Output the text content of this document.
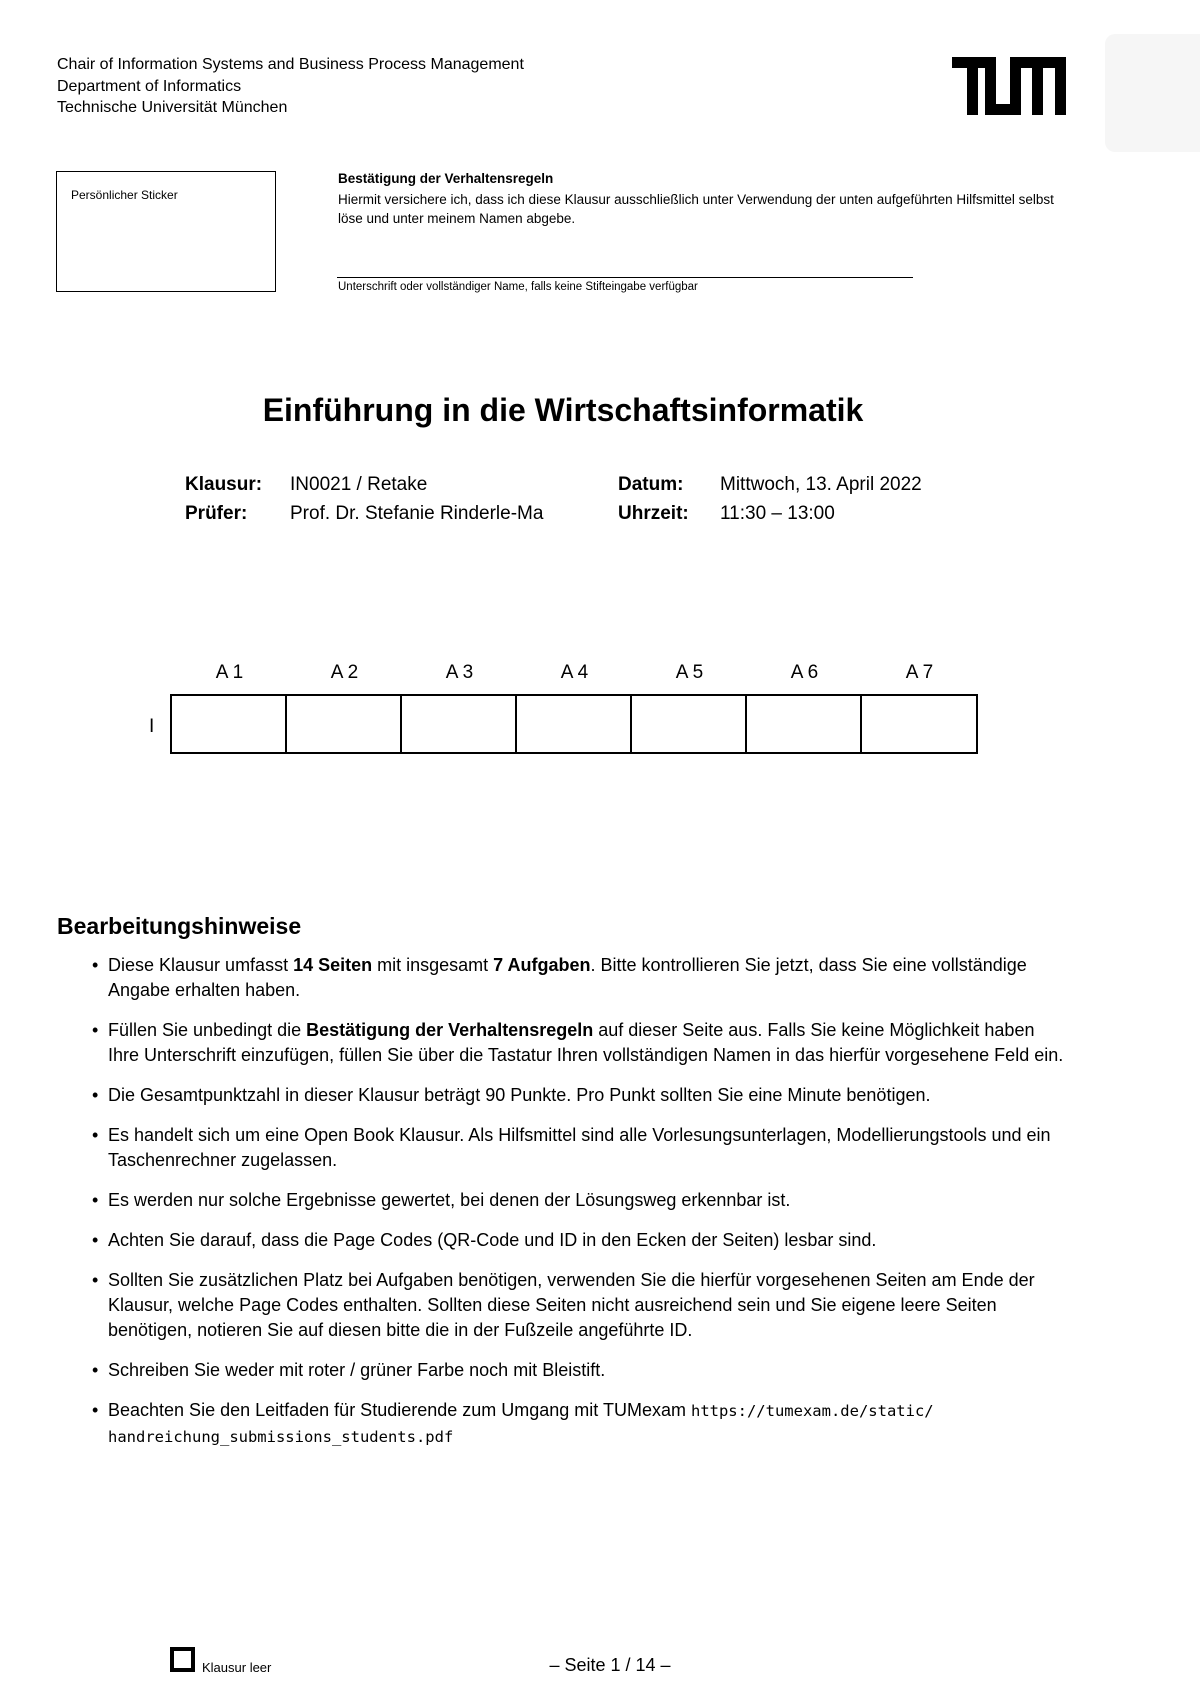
Chair of Information Systems and Business Process Management
Department of Informatics
Technische Universität München
Persönlicher Sticker
Bestätigung der Verhaltensregeln
Hiermit versichere ich, dass ich diese Klausur ausschließlich unter Verwendung der unten aufgeführten Hilfsmittel selbst löse und unter meinem Namen abgebe.
Unterschrift oder vollständiger Name, falls keine Stifteingabe verfügbar
Einführung in die Wirtschaftsinformatik
Klausur: IN0021 / Retake
Prüfer: Prof. Dr. Stefanie Rinderle-Ma
Datum: Mittwoch, 13. April 2022
Uhrzeit: 11:30 – 13:00
A 1	A 2	A 3	A 4	A 5	A 6	A 7
I
Bearbeitungshinweise
• Diese Klausur umfasst 14 Seiten mit insgesamt 7 Aufgaben. Bitte kontrollieren Sie jetzt, dass Sie eine vollständige Angabe erhalten haben.
• Füllen Sie unbedingt die Bestätigung der Verhaltensregeln auf dieser Seite aus. Falls Sie keine Möglichkeit haben Ihre Unterschrift einzufügen, füllen Sie über die Tastatur Ihren vollständigen Namen in das hierfür vorgesehene Feld ein.
• Die Gesamtpunktzahl in dieser Klausur beträgt 90 Punkte. Pro Punkt sollten Sie eine Minute benötigen.
• Es handelt sich um eine Open Book Klausur. Als Hilfsmittel sind alle Vorlesungsunterlagen, Modellierungstools und ein Taschenrechner zugelassen.
• Es werden nur solche Ergebnisse gewertet, bei denen der Lösungsweg erkennbar ist.
• Achten Sie darauf, dass die Page Codes (QR-Code und ID in den Ecken der Seiten) lesbar sind.
• Sollten Sie zusätzlichen Platz bei Aufgaben benötigen, verwenden Sie die hierfür vorgesehenen Seiten am Ende der Klausur, welche Page Codes enthalten. Sollten diese Seiten nicht ausreichend sein und Sie eigene leere Seiten benötigen, notieren Sie auf diesen bitte die in der Fußzeile angeführte ID.
• Schreiben Sie weder mit roter / grüner Farbe noch mit Bleistift.
• Beachten Sie den Leitfaden für Studierende zum Umgang mit TUMexam https://tumexam.de/static/ handreichung_submissions_students.pdf
Klausur leer	– Seite 1 / 14 –
